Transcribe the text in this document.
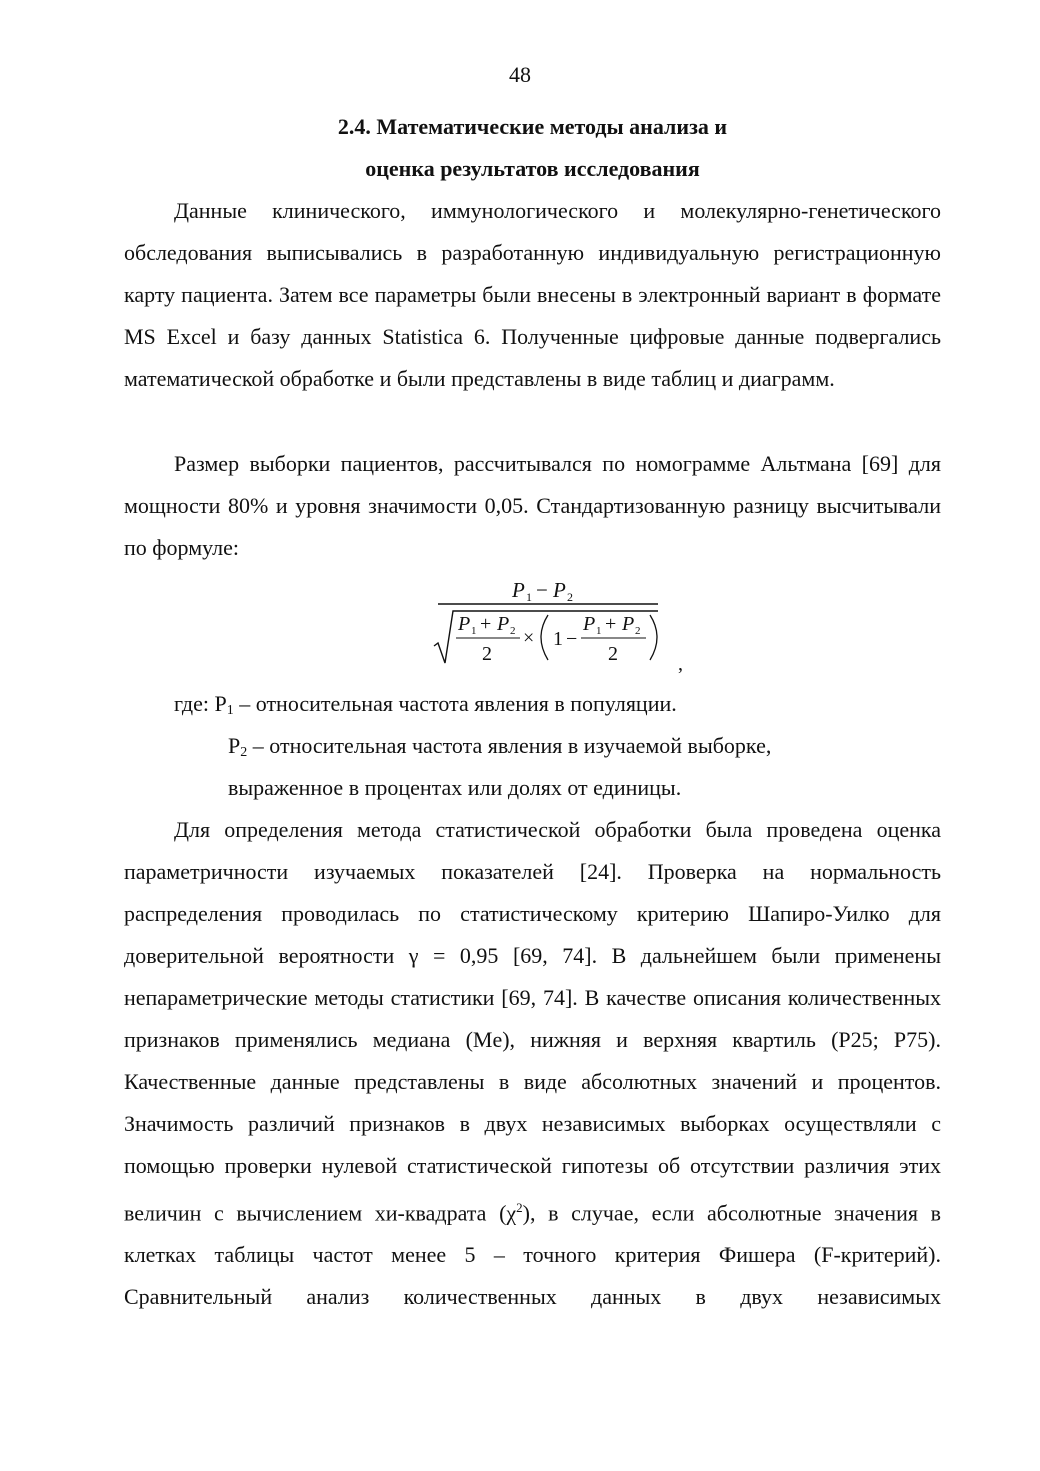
48
2.4. Математические методы анализа и
оценка результатов исследования

Данные клинического, иммунологического и молекулярно-генетического обследования выписывались в разработанную индивидуальную регистрационную карту пациента. Затем все параметры были внесены в электронный вариант в формате MS Excel и базу данных Statistica 6. Полученные цифровые данные подвергались математической обработке и были представлены в виде таблиц и диаграмм.

Размер выборки пациентов, рассчитывался по номограмме Альтмана [69] для мощности 80% и уровня значимости 0,05. Стандартизованную разницу высчитывали по формуле:

P 1 − P 2
P 1 + P 2
2
× 1 −
P 1 + P 2
2	,
где: $P_1$ – относительная частота явления в популяции.
$P_2$ – относительная частота явления в изучаемой выборке,
выраженное в процентах или долях от единицы.

Для определения метода статистической обработки была проведена оценка параметричности изучаемых показателей [24]. Проверка на нормальность распределения проводилась по статистическому критерию Шапиро-Уилко для доверительной вероятности γ = 0,95 [69, 74]. В дальнейшем были применены непараметрические методы статистики [69, 74]. В качестве описания количественных признаков применялись медиана (Me), нижняя и верхняя квартиль (P25; P75). Качественные данные представлены в виде абсолютных значений и процентов. Значимость различий признаков в двух независимых выборках осуществляли с помощью проверки нулевой статистической гипотезы об отсутствии различия этих величин с вычислением хи-квадрата $(\chi^2)$, в случае, если абсолютные значения в клетках таблицы частот менее 5 – точного критерия Фишера (F-критерий). Сравнительный анализ количественных данных в двух независимых
